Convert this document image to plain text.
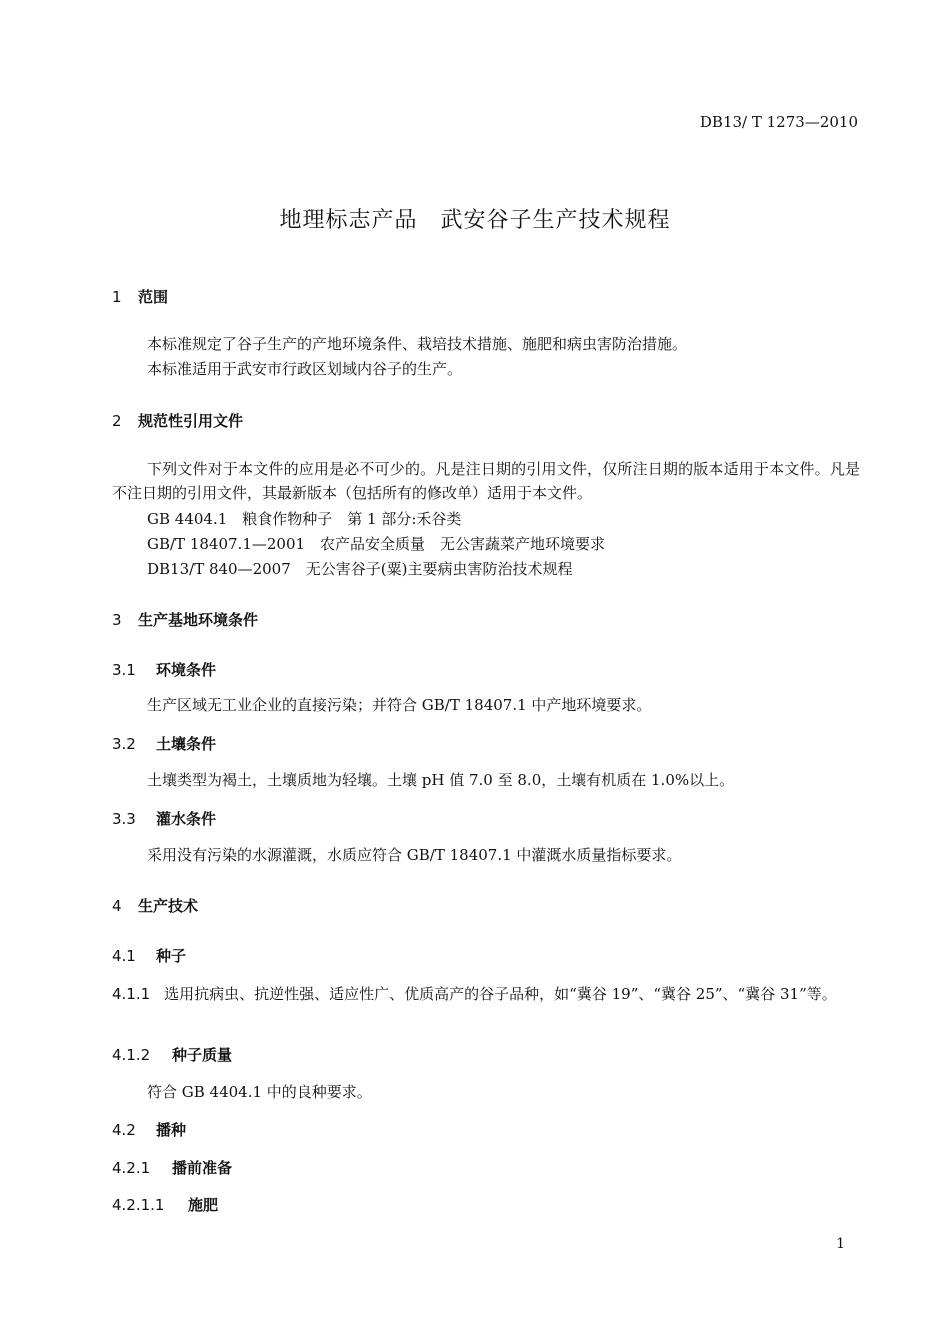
DB13/ T 1273—2010
地理标志产品　武安谷子生产技术规程
1 范围
本标准规定了谷子生产的产地环境条件、栽培技术措施、施肥和病虫害防治措施。
本标准适用于武安市行政区划域内谷子的生产。
2 规范性引用文件
下列文件对于本文件的应用是必不可少的。凡是注日期的引用文件，仅所注日期的版本适用于本文件。凡是不注日期的引用文件，其最新版本（包括所有的修改单）适用于本文件。
GB 4404.1　粮食作物种子　第 1 部分:禾谷类
GB/T 18407.1—2001　农产品安全质量　无公害蔬菜产地环境要求
DB13/T 840—2007　无公害谷子(粟)主要病虫害防治技术规程
3 生产基地环境条件
3.1 环境条件
生产区域无工业企业的直接污染；并符合 GB/T 18407.1 中产地环境要求。
3.2 土壤条件
土壤类型为褐土，土壤质地为轻壤。土壤 pH 值 7.0 至 8.0，土壤有机质在 1.0%以上。
3.3 灌水条件
采用没有污染的水源灌溉，水质应符合 GB/T 18407.1 中灌溉水质量指标要求。
4 生产技术
4.1 种子
4.1.1 选用抗病虫、抗逆性强、适应性广、优质高产的谷子品种，如“冀谷 19”、“冀谷 25”、“冀谷 31”等。
4.1.2 种子质量
符合 GB 4404.1 中的良种要求。
4.2 播种
4.2.1 播前准备
4.2.1.1 施肥
1
